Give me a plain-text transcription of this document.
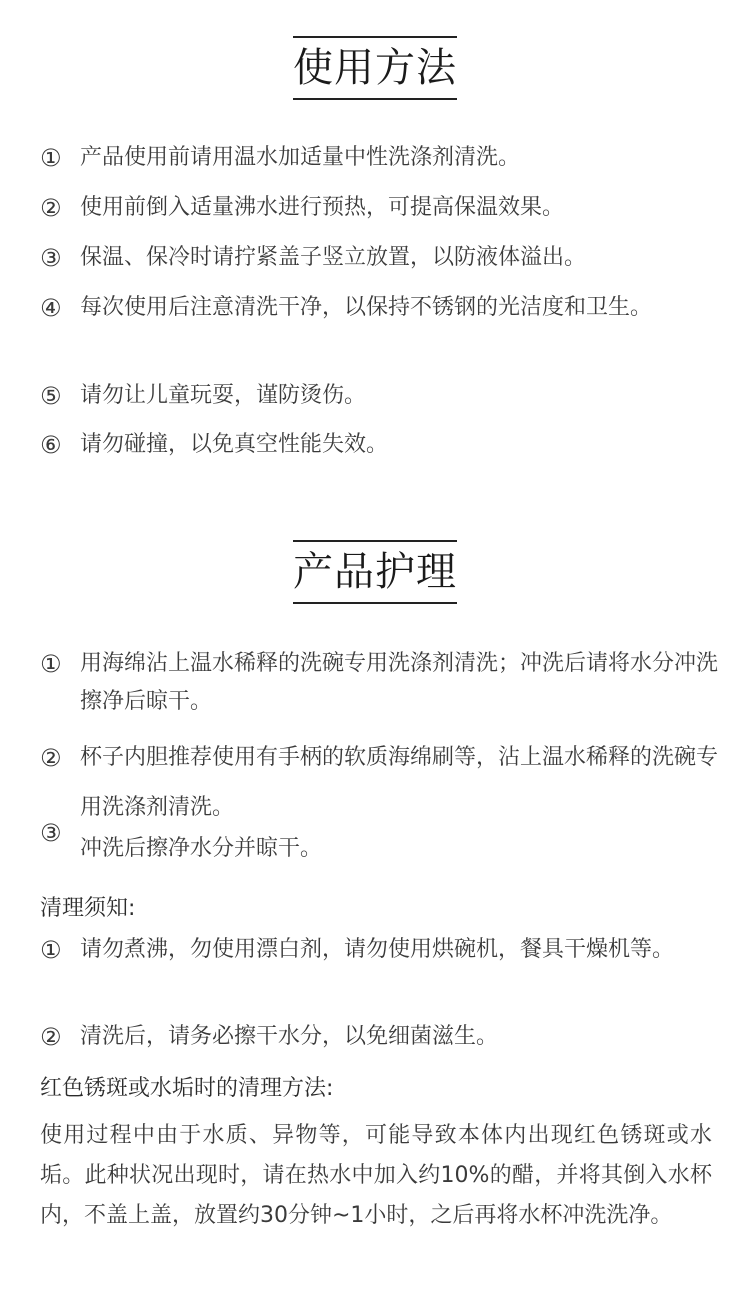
使用方法
① 产品使用前请用温水加适量中性洗涤剂清洗。
② 使用前倒入适量沸水进行预热，可提高保温效果。
③ 保温、保冷时请拧紧盖子竖立放置，以防液体溢出。
④ 每次使用后注意清洗干净，以保持不锈钢的光洁度和卫生。
⑤ 请勿让儿童玩耍，谨防烫伤。
⑥ 请勿碰撞，以免真空性能失效。
产品护理
① 用海绵沾上温水稀释的洗碗专用洗涤剂清洗；冲洗后请将水分冲洗擦净后晾干。
② 杯子内胆推荐使用有手柄的软质海绵刷等，沾上温水稀释的洗碗专用洗涤剂清洗。
③
冲洗后擦净水分并晾干。
清理须知:
① 请勿煮沸，勿使用漂白剂，请勿使用烘碗机，餐具干燥机等。
② 清洗后，请务必擦干水分，以免细菌滋生。
红色锈斑或水垢时的清理方法:
使用过程中由于水质、异物等，可能导致本体内出现红色锈斑或水垢。此种状况出现时，请在热水中加入约10%的醋，并将其倒入水杯内，不盖上盖，放置约30分钟~1小时，之后再将水杯冲洗洗净。
